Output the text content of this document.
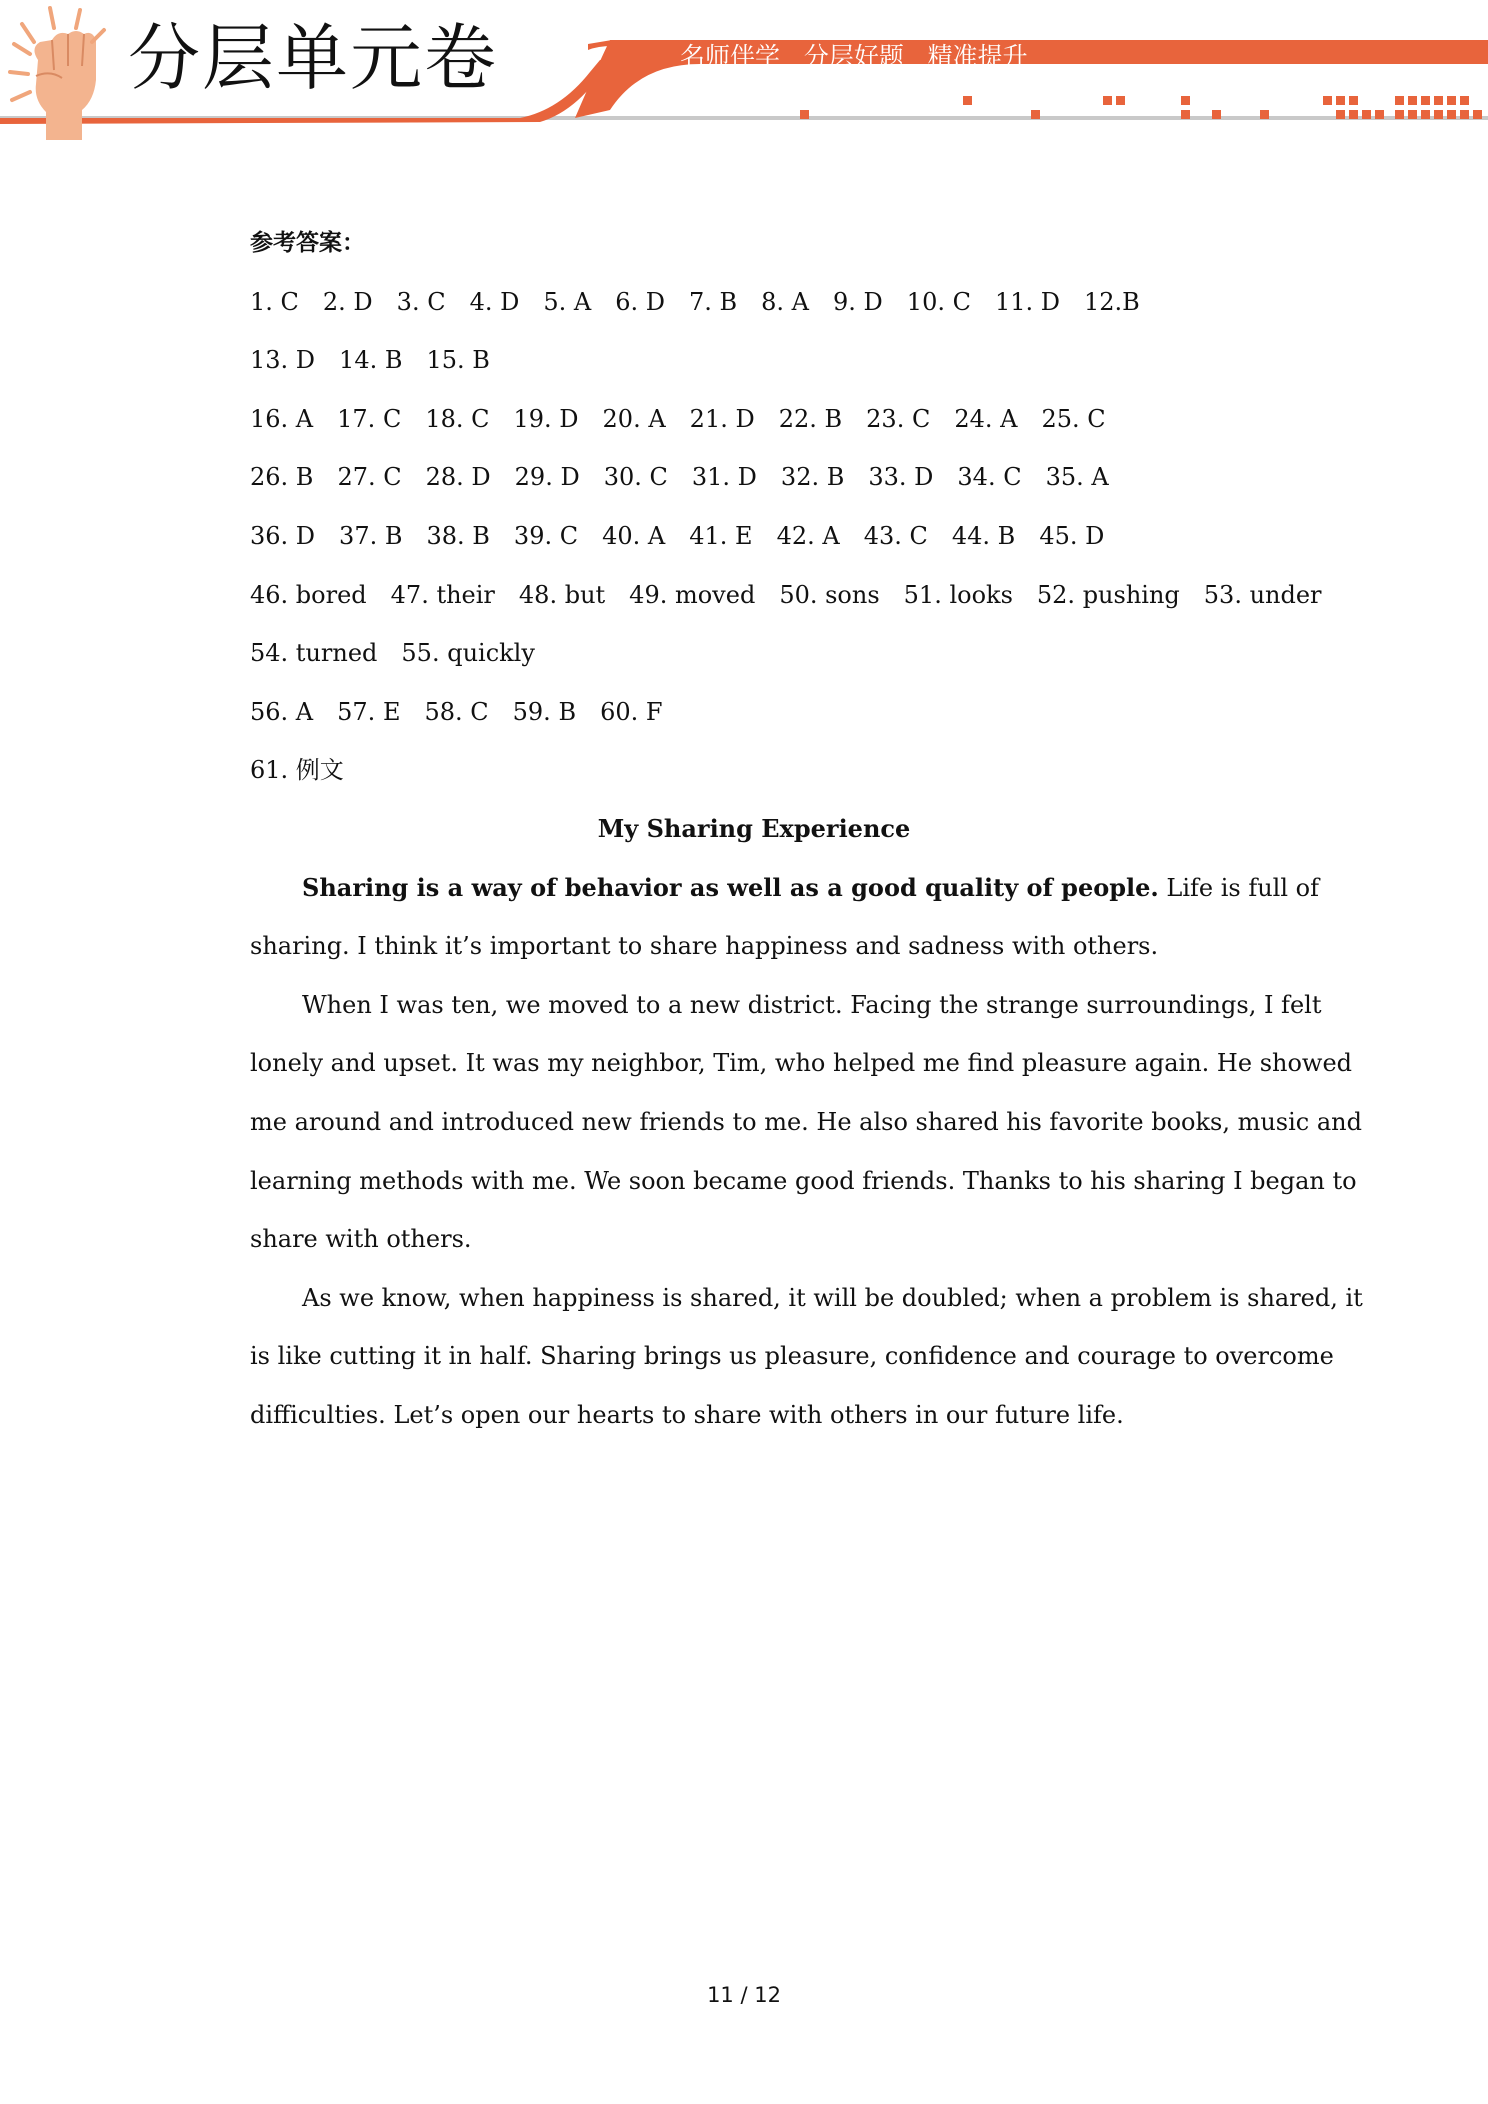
分层单元卷	名师伴学   分层好题   精准提升
参考答案：
1. C 2. D 3. C 4. D 5. A 6. D 7. B 8. A 9. D 10. C 11. D 12.B
13. D 14. B 15. B
16. A 17. C 18. C 19. D 20. A 21. D 22. B 23. C 24. A 25. C
26. B 27. C 28. D 29. D 30. C 31. D 32. B 33. D 34. C 35. A
36. D 37. B 38. B 39. C 40. A 41. E 42. A 43. C 44. B 45. D
46. bored 47. their 48. but 49. moved 50. sons 51. looks 52. pushing 53. under
54. turned 55. quickly
56. A 57. E 58. C 59. B 60. F
61. 例文
My Sharing Experience

Sharing is a way of behavior as well as a good quality of people. Life is full of

sharing. I think it’s important to share happiness and sadness with others.

When I was ten, we moved to a new district. Facing the strange surroundings, I felt

lonely and upset. It was my neighbor, Tim, who helped me find pleasure again. He showed

me around and introduced new friends to me. He also shared his favorite books, music and

learning methods with me. We soon became good friends. Thanks to his sharing I began to

share with others.

As we know, when happiness is shared, it will be doubled; when a problem is shared, it

is like cutting it in half. Sharing brings us pleasure, confidence and courage to overcome

difficulties. Let’s open our hearts to share with others in our future life.

11 / 12
